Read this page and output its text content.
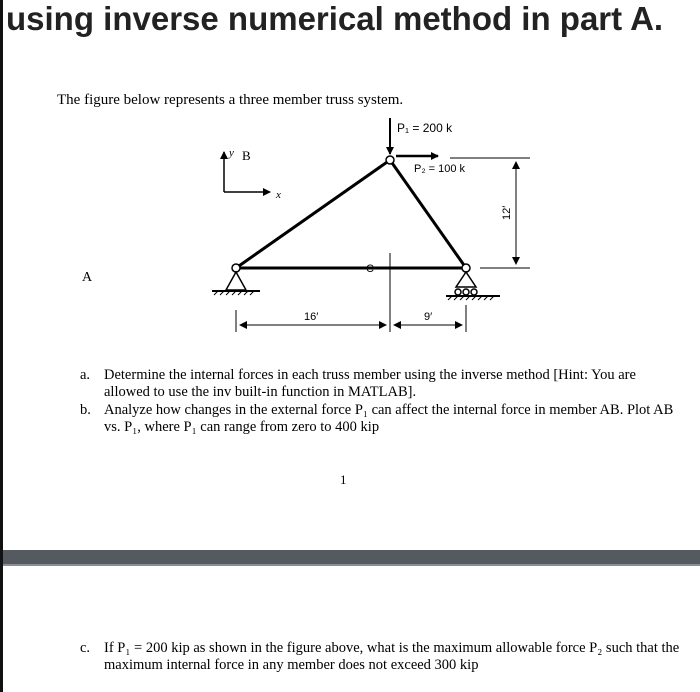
using inverse numerical method in part A.
The figure below represents a three member truss system.
A
C
P₁ = 200 k
P₂ = 100 k
y
x
B
12′
16′	9′
a. Determine the internal forces in each truss member using the inverse method [Hint: You are allowed to use the inv built-in function in MATLAB].
b. Analyze how changes in the external force P₁ can affect the internal force in member AB. Plot AB vs. P₁, where P₁ can range from zero to 400 kip
1
c. If P₁ = 200 kip as shown in the figure above, what is the maximum allowable force P₂ such that the maximum internal force in any member does not exceed 300 kip
